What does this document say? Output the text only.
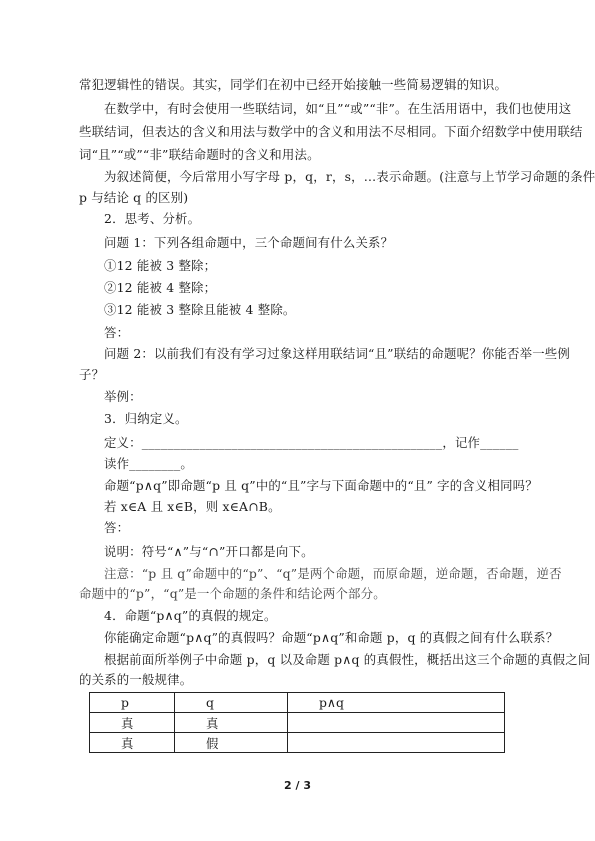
常犯逻辑性的错误。其实，同学们在初中已经开始接触一些简易逻辑的知识。
在数学中，有时会使用一些联结词，如“且”“或”“非”。在生活用语中，我们也使用这
些联结词，但表达的含义和用法与数学中的含义和用法不尽相同。下面介绍数学中使用联结
词“且”“或”“非”联结命题时的含义和用法。
为叙述简便，今后常用小写字母 p，q，r，s，…表示命题。(注意与上节学习命题的条件
p 与结论 q 的区别)
2．思考、分析。
问题 1：下列各组命题中，三个命题间有什么关系？
①12 能被 3 整除；
②12 能被 4 整除；
③12 能被 3 整除且能被 4 整除。
答：
问题 2：以前我们有没有学习过象这样用联结词“且”联结的命题呢？你能否举一些例
子？
举例：
3．归纳定义。
定义：_______________________________________________，记作______
读作________。
命题“p∧q”即命题“p 且 q”中的“且”字与下面命题中的“且” 字的含义相同吗？
若 x∈A 且 x∈B，则 x∈A∩B。
答：
说明：符号“∧”与“∩”开口都是向下。
注意：“p 且 q”命题中的“p”、“q”是两个命题，而原命题，逆命题，否命题，逆否
命题中的“p”，“q”是一个命题的条件和结论两个部分。
4．命题“p∧q”的真假的规定。
你能确定命题“p∧q”的真假吗？命题“p∧q”和命题 p，q 的真假之间有什么联系？
根据前面所举例子中命题 p，q 以及命题 p∧q 的真假性，概括出这三个命题的真假之间
的关系的一般规律。
p	q	p∧q
真	真	
真	假	
2 / 3
